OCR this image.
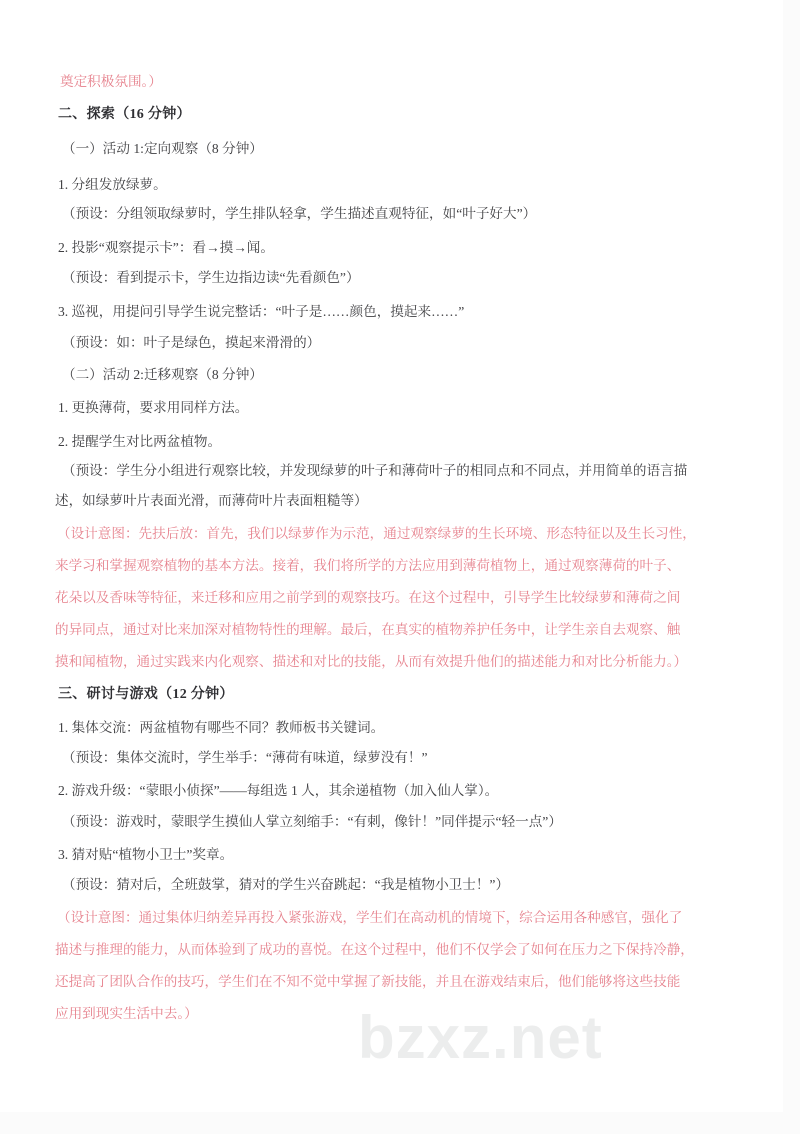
bzxz.net
奠定积极氛围。）
二、探索（16 分钟）
（一）活动 1:定向观察（8 分钟）
1. 分组发放绿萝。
（预设：分组领取绿萝时，学生排队轻拿，学生描述直观特征，如“叶子好大”）
2. 投影“观察提示卡”：看→摸→闻。
（预设：看到提示卡，学生边指边读“先看颜色”）
3. 巡视，用提问引导学生说完整话：“叶子是……颜色，摸起来……”
（预设：如：叶子是绿色，摸起来滑滑的）
（二）活动 2:迁移观察（8 分钟）
1. 更换薄荷，要求用同样方法。
2. 提醒学生对比两盆植物。
（预设：学生分小组进行观察比较，并发现绿萝的叶子和薄荷叶子的相同点和不同点，并用简单的语言描
述，如绿萝叶片表面光滑，而薄荷叶片表面粗糙等）
（设计意图：先扶后放：首先，我们以绿萝作为示范，通过观察绿萝的生长环境、形态特征以及生长习性，
来学习和掌握观察植物的基本方法。接着，我们将所学的方法应用到薄荷植物上，通过观察薄荷的叶子、
花朵以及香味等特征，来迁移和应用之前学到的观察技巧。在这个过程中，引导学生比较绿萝和薄荷之间
的异同点，通过对比来加深对植物特性的理解。最后，在真实的植物养护任务中，让学生亲自去观察、触
摸和闻植物，通过实践来内化观察、描述和对比的技能，从而有效提升他们的描述能力和对比分析能力。）
三、研讨与游戏（12 分钟）
1. 集体交流：两盆植物有哪些不同？教师板书关键词。
（预设：集体交流时，学生举手：“薄荷有味道，绿萝没有！”
2. 游戏升级：“蒙眼小侦探”——每组选 1 人，其余递植物（加入仙人掌）。
（预设：游戏时，蒙眼学生摸仙人掌立刻缩手：“有刺，像针！”同伴提示“轻一点”）
3. 猜对贴“植物小卫士”奖章。
（预设：猜对后，全班鼓掌，猜对的学生兴奋跳起：“我是植物小卫士！”）
（设计意图：通过集体归纳差异再投入紧张游戏，学生们在高动机的情境下，综合运用各种感官，强化了
描述与推理的能力，从而体验到了成功的喜悦。在这个过程中，他们不仅学会了如何在压力之下保持冷静，
还提高了团队合作的技巧，学生们在不知不觉中掌握了新技能，并且在游戏结束后，他们能够将这些技能
应用到现实生活中去。）
